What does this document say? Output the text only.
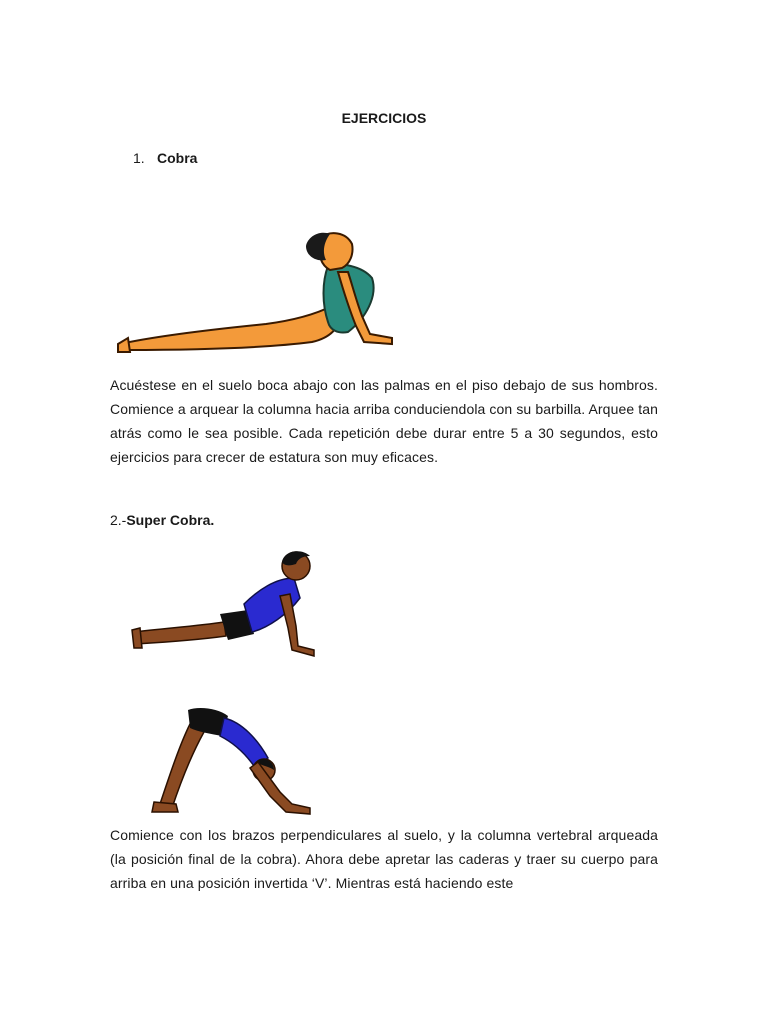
EJERCICIOS
1. Cobra
Acuéstese en el suelo boca abajo con las palmas en el piso debajo de sus hombros. Comience a arquear la columna hacia arriba conduciendola con su barbilla. Arquee tan atrás como le sea posible. Cada repetición debe durar entre 5 a 30 segundos, esto ejercicios para crecer de estatura son muy eficaces.
2.-Super Cobra.
Comience con los brazos perpendiculares al suelo, y la columna vertebral arqueada (la posición final de la cobra). Ahora debe apretar las caderas y traer su cuerpo para arriba en una posición invertida ‘V’. Mientras está haciendo este
